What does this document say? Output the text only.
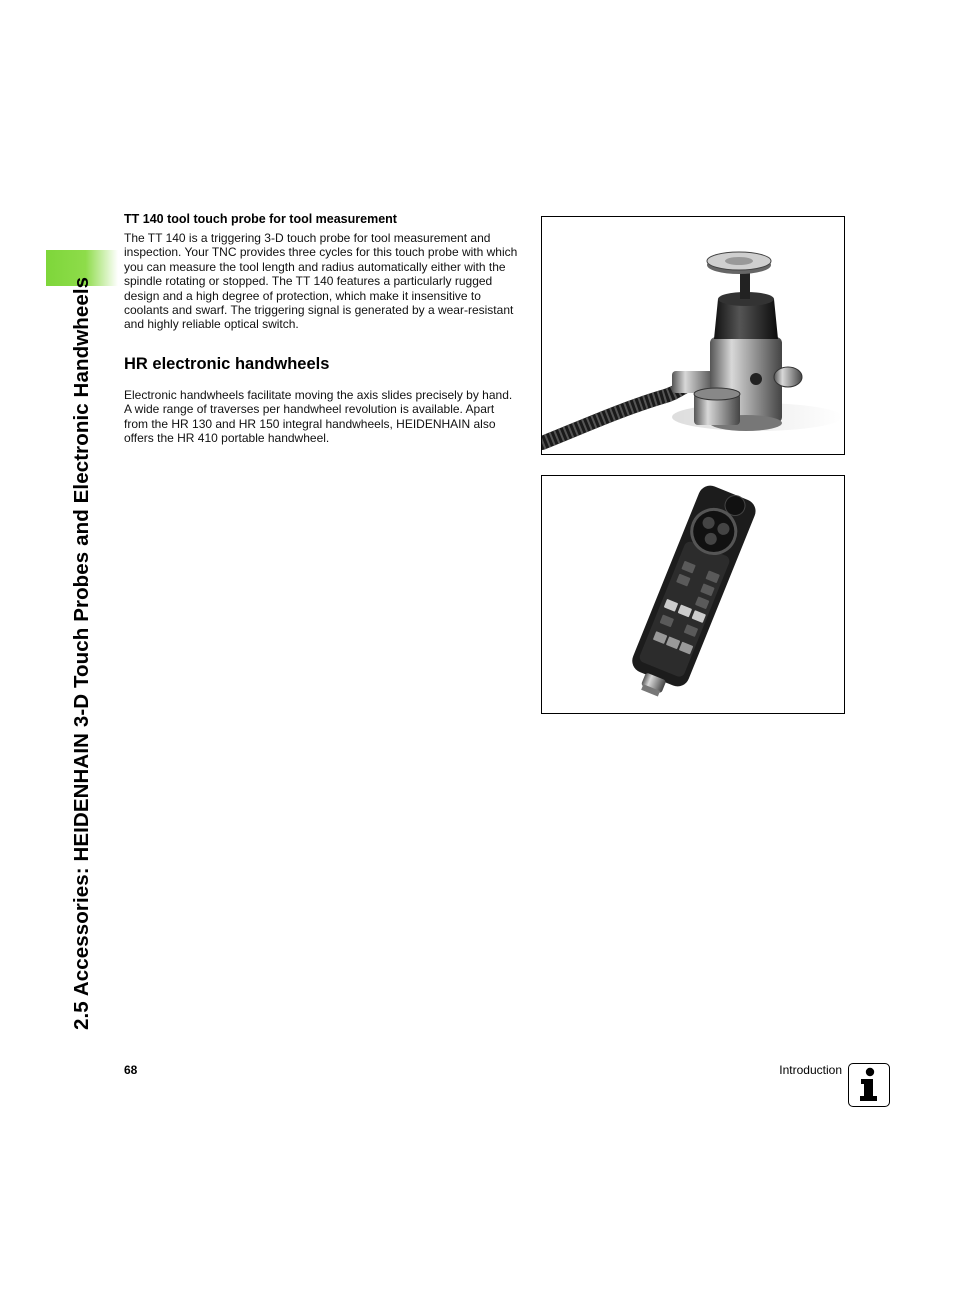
2.5 Accessories: HEIDENHAIN 3-D Touch Probes and Electronic Handwheels
TT 140 tool touch probe for tool measurement

The TT 140 is a triggering 3-D touch probe for tool measurement and inspection. Your TNC provides three cycles for this touch probe with which you can measure the tool length and radius automatically either with the spindle rotating or stopped. The TT 140 features a particularly rugged design and a high degree of protection, which make it insensitive to coolants and swarf. The triggering signal is generated by a wear-resistant and highly reliable optical switch.

HR electronic handwheels

Electronic handwheels facilitate moving the axis slides precisely by hand. A wide range of traverses per handwheel revolution is available. Apart from the HR 130 and HR 150 integral handwheels, HEIDENHAIN also offers the HR 410 portable handwheel.

68	Introduction
